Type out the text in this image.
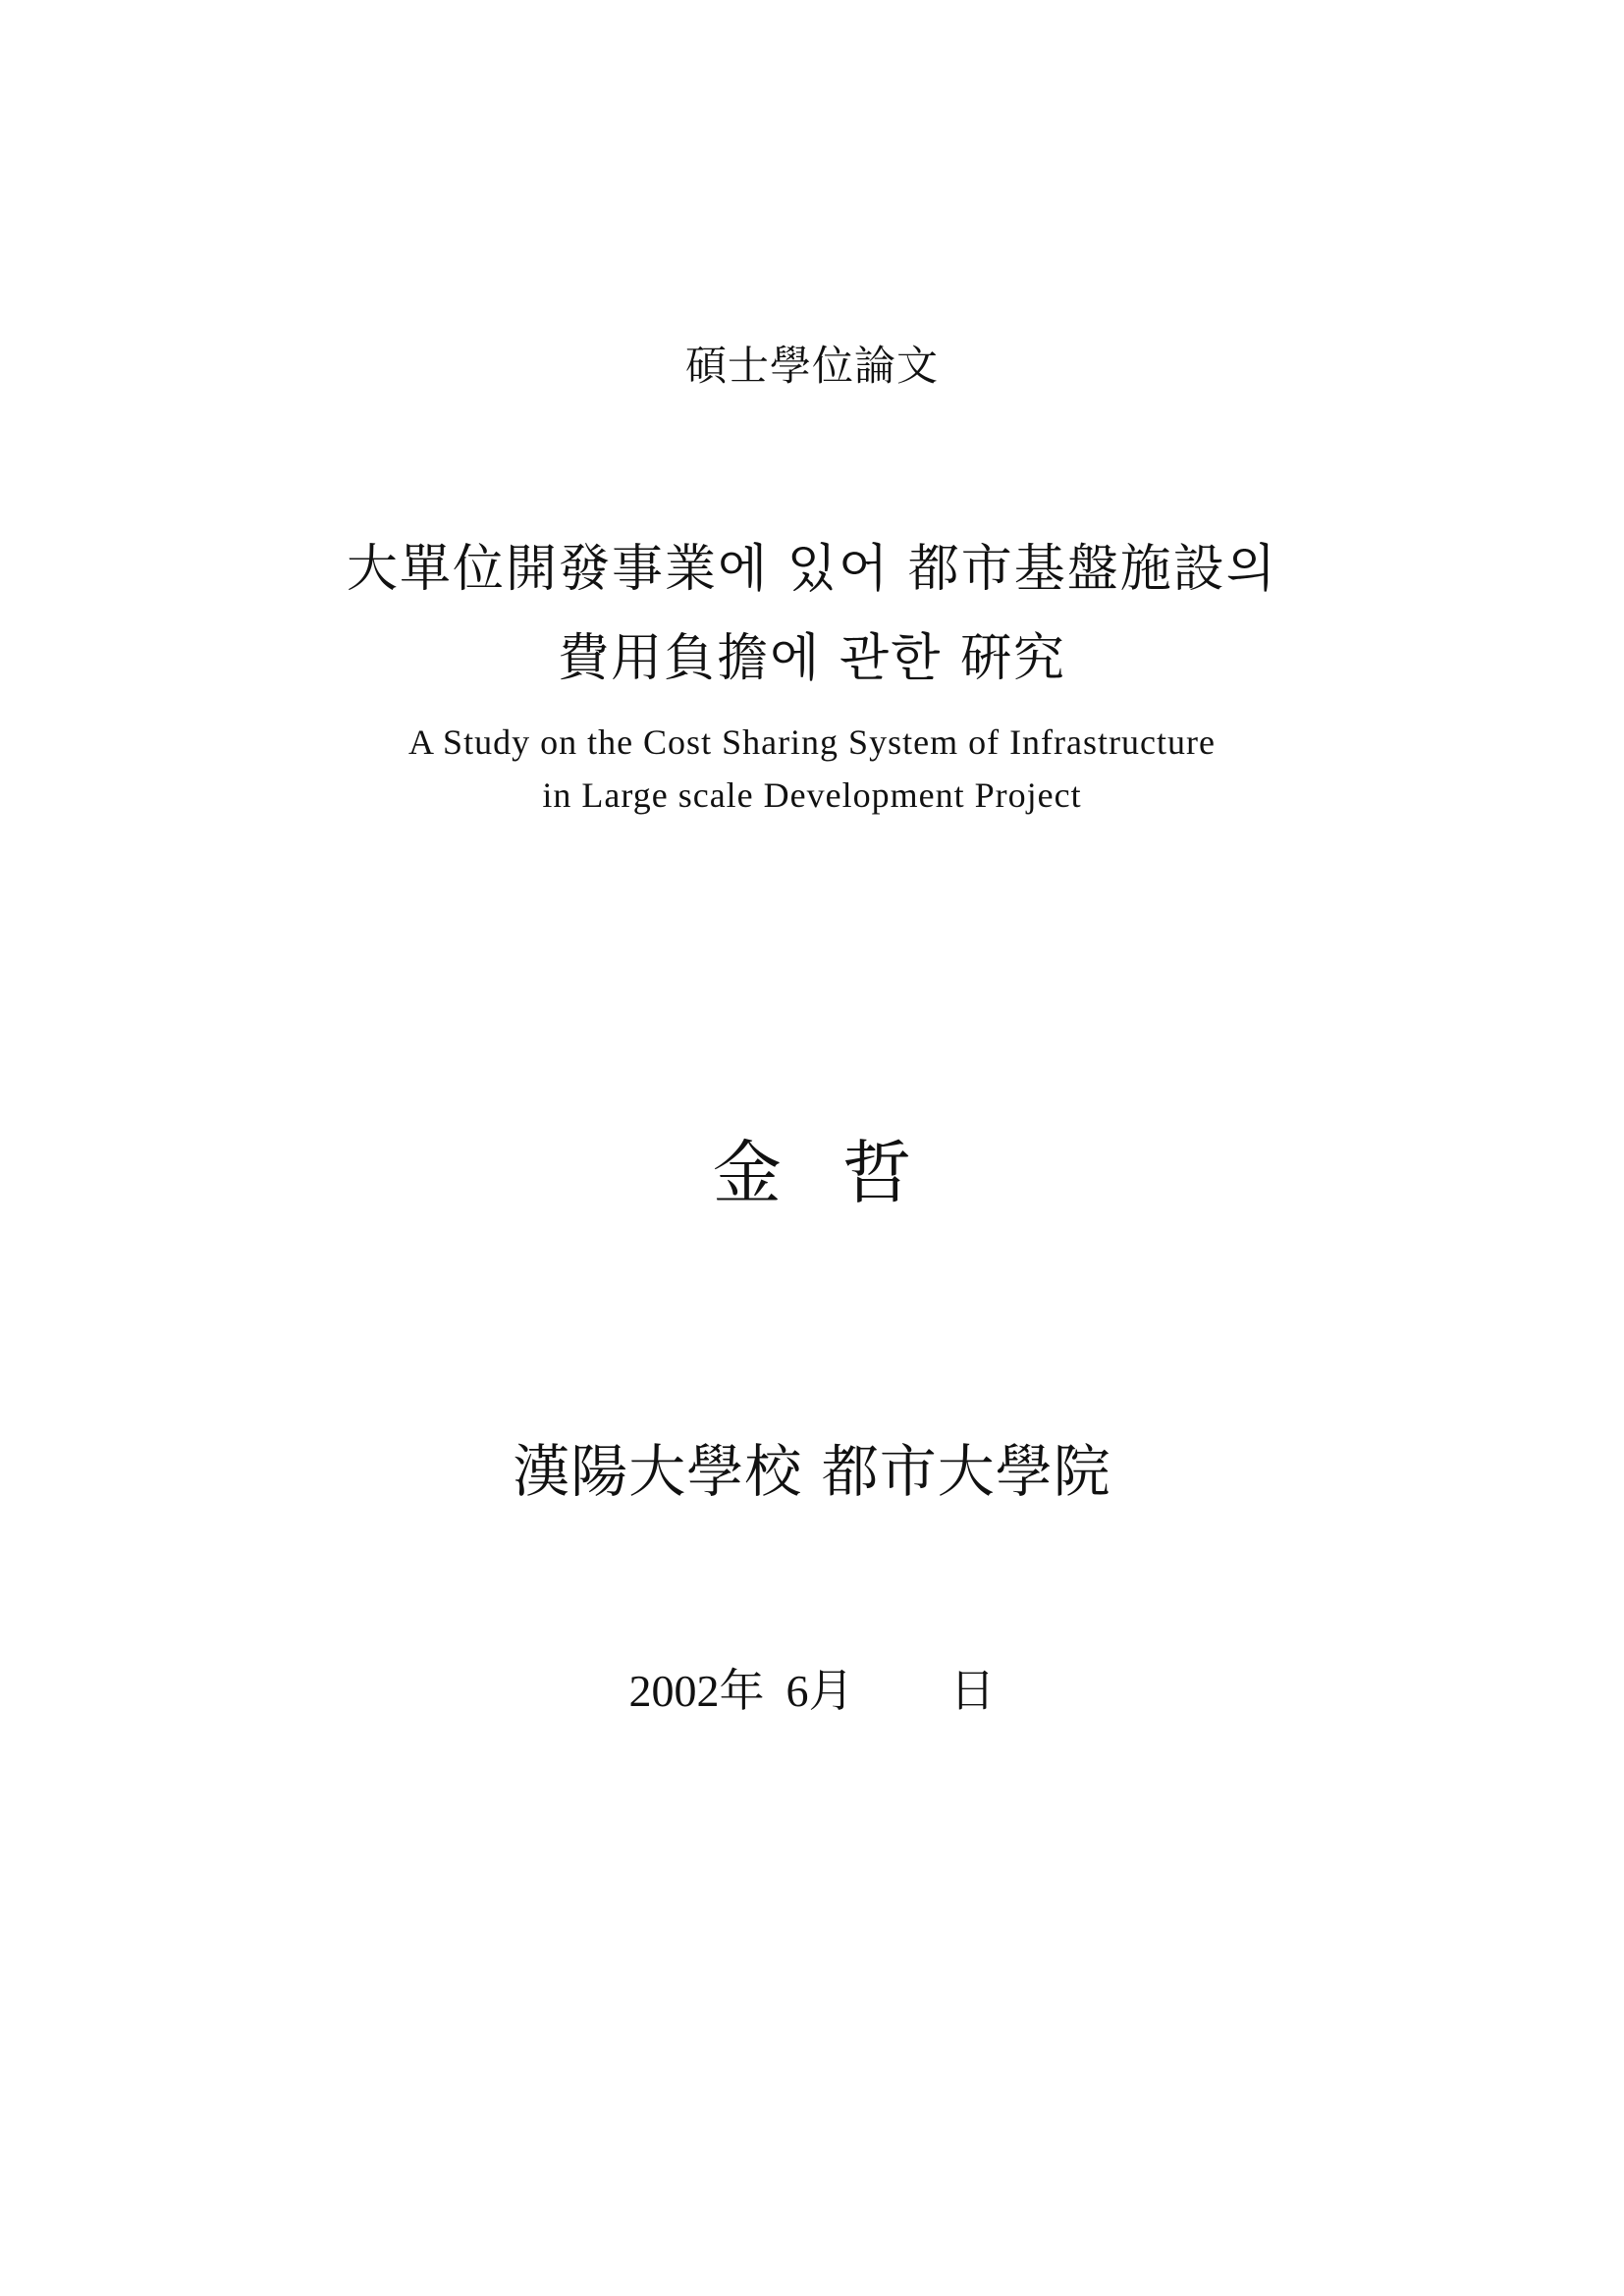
碩士學位論文
大單位開發事業에 있어 都市基盤施設의
費用負擔에 관한 硏究
A Study on the Cost Sharing System of Infrastructure
in Large scale Development Project
金 哲
漢陽大學校 都市大學院
2002年 6月 日
